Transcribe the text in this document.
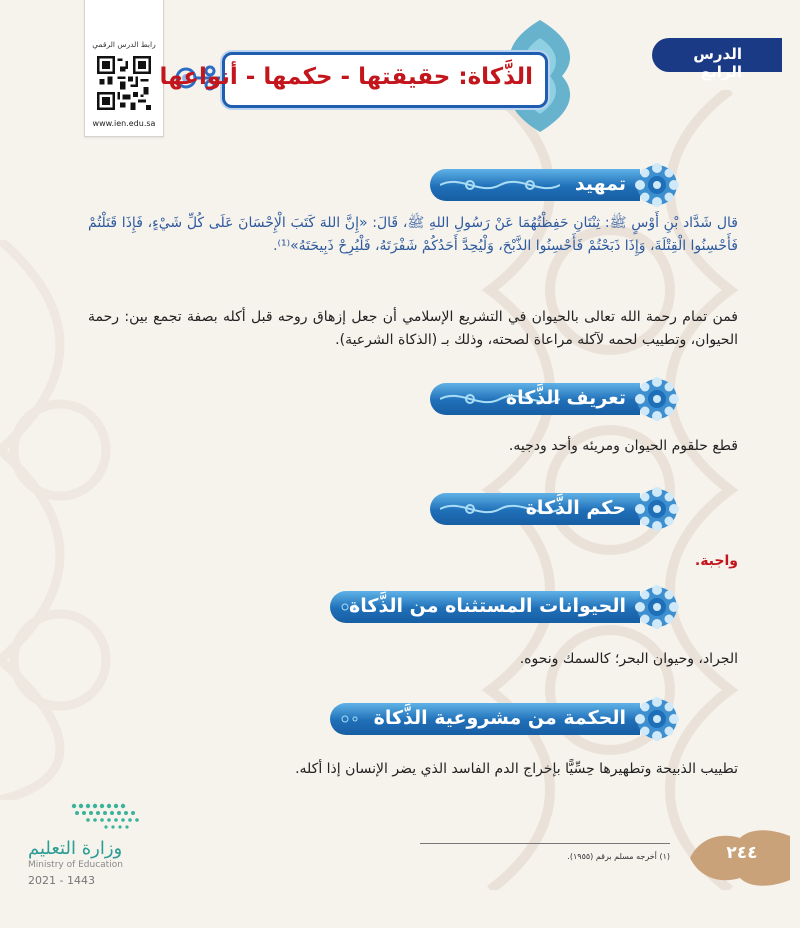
رابط الدرس الرقمي
www.ien.edu.sa
الدرس الرابع
الذَّكاة: حقيقتها - حكمها - أنواعها
تمهيد
قال شَدَّاد بْنِ أَوْسٍ ﷺ: ثِنْتَانِ حَفِظْتُهُمَا عَنْ رَسُولِ اللهِ ﷺ، قَالَ: «إِنَّ اللهَ كَتَبَ الْإِحْسَانَ عَلَى كُلِّ شَيْءٍ، فَإِذَا قَتَلْتُمْ فَأَحْسِنُوا الْقِتْلَةَ، وَإِذَا ذَبَحْتُمْ فَأَحْسِنُوا الذَّبْحَ، وَلْيُحِدَّ أَحَدُكُمْ شَفْرَتَهُ، فَلْيُرِحْ ذَبِيحَتَهُ»⁽¹⁾.
فمن تمام رحمة الله تعالى بالحيوان في التشريع الإسلامي أن جعل إزهاق روحه قبل أكله بصفة تجمع بين: رحمة الحيوان، وتطييب لحمه لآكله مراعاة لصحته، وذلك بـ (الذكاة الشرعية).
تعريف الذَّكاة
قطع حلقوم الحيوان ومريئه وأحد ودجيه.
حكم الذَّكاة
واجبة.
الحيوانات المستثناه من الذَّكاة
الجراد، وحيوان البحر؛ كالسمك ونحوه.
الحكمة من مشروعية الذَّكاة
تطييب الذبيحة وتطهيرها حِسِّيًّا بإخراج الدم الفاسد الذي يضر الإنسان إذا أكله.
(١) أخرجه مسلم برقم (١٩٥٥).	٢٤٤
وزارة التعليم
Ministry of Education
2021 - 1443
